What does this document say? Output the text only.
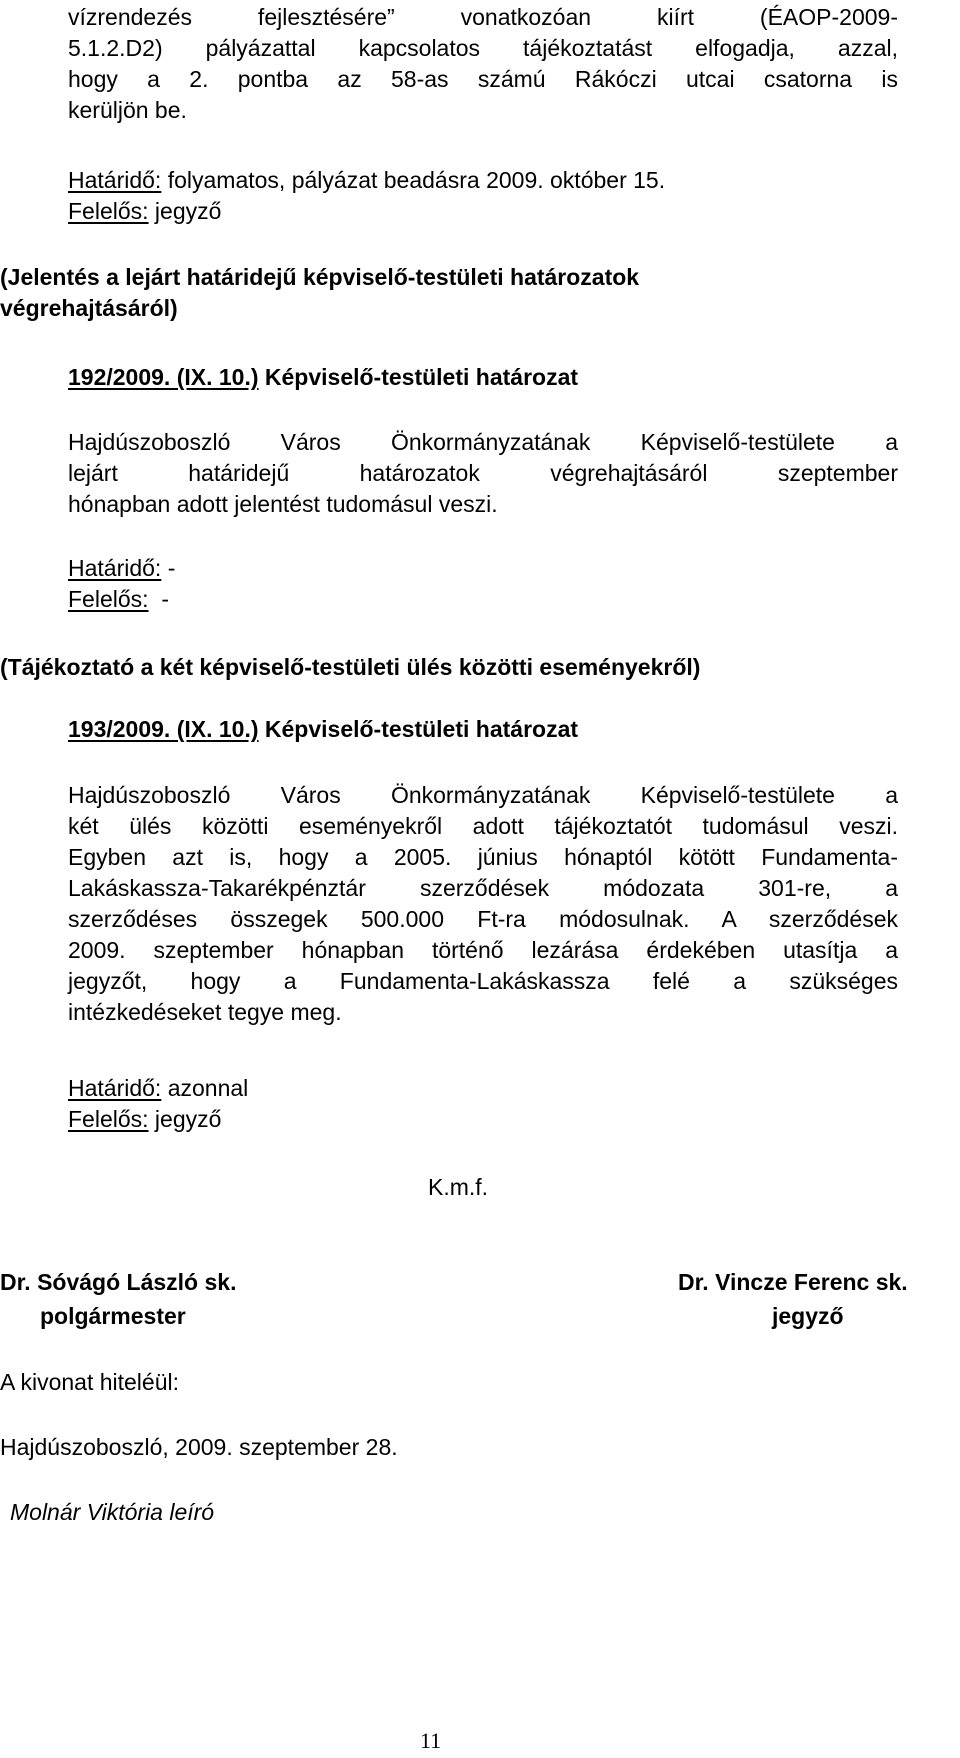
vízrendezés fejlesztésére” vonatkozóan kiírt (ÉAOP-2009-
5.1.2.D2) pályázattal kapcsolatos tájékoztatást elfogadja, azzal,
hogy a 2. pontba az 58-as számú Rákóczi utcai csatorna is
kerüljön be.
Határidő: folyamatos, pályázat beadásra 2009. október 15.
Felelős: jegyző
(Jelentés a lejárt határidejű képviselő-testületi határozatok végrehajtásáról)
192/2009. (IX. 10.) Képviselő-testületi határozat
Hajdúszoboszló Város Önkormányzatának Képviselő-testülete a
lejárt határidejű határozatok végrehajtásáról szeptember
hónapban adott jelentést tudomásul veszi.
Határidő: -
Felelős:  -
(Tájékoztató a két képviselő-testületi ülés közötti eseményekről)
193/2009. (IX. 10.) Képviselő-testületi határozat
Hajdúszoboszló Város Önkormányzatának Képviselő-testülete a
két ülés közötti eseményekről adott tájékoztatót tudomásul veszi.
Egyben azt is, hogy a 2005. június hónaptól kötött Fundamenta-
Lakáskassza-Takarékpénztár szerződések módozata 301-re, a
szerződéses összegek 500.000 Ft-ra módosulnak. A szerződések
2009. szeptember hónapban történő lezárása érdekében utasítja a
jegyzőt, hogy a Fundamenta-Lakáskassza felé a szükséges
intézkedéseket tegye meg.
Határidő: azonnal
Felelős: jegyző
K.m.f.
Dr. Sóvágó László sk.
polgármester
Dr. Vincze Ferenc sk.
jegyző
A kivonat hiteléül:
Hajdúszoboszló, 2009. szeptember 28.
Molnár Viktória leíró
11
